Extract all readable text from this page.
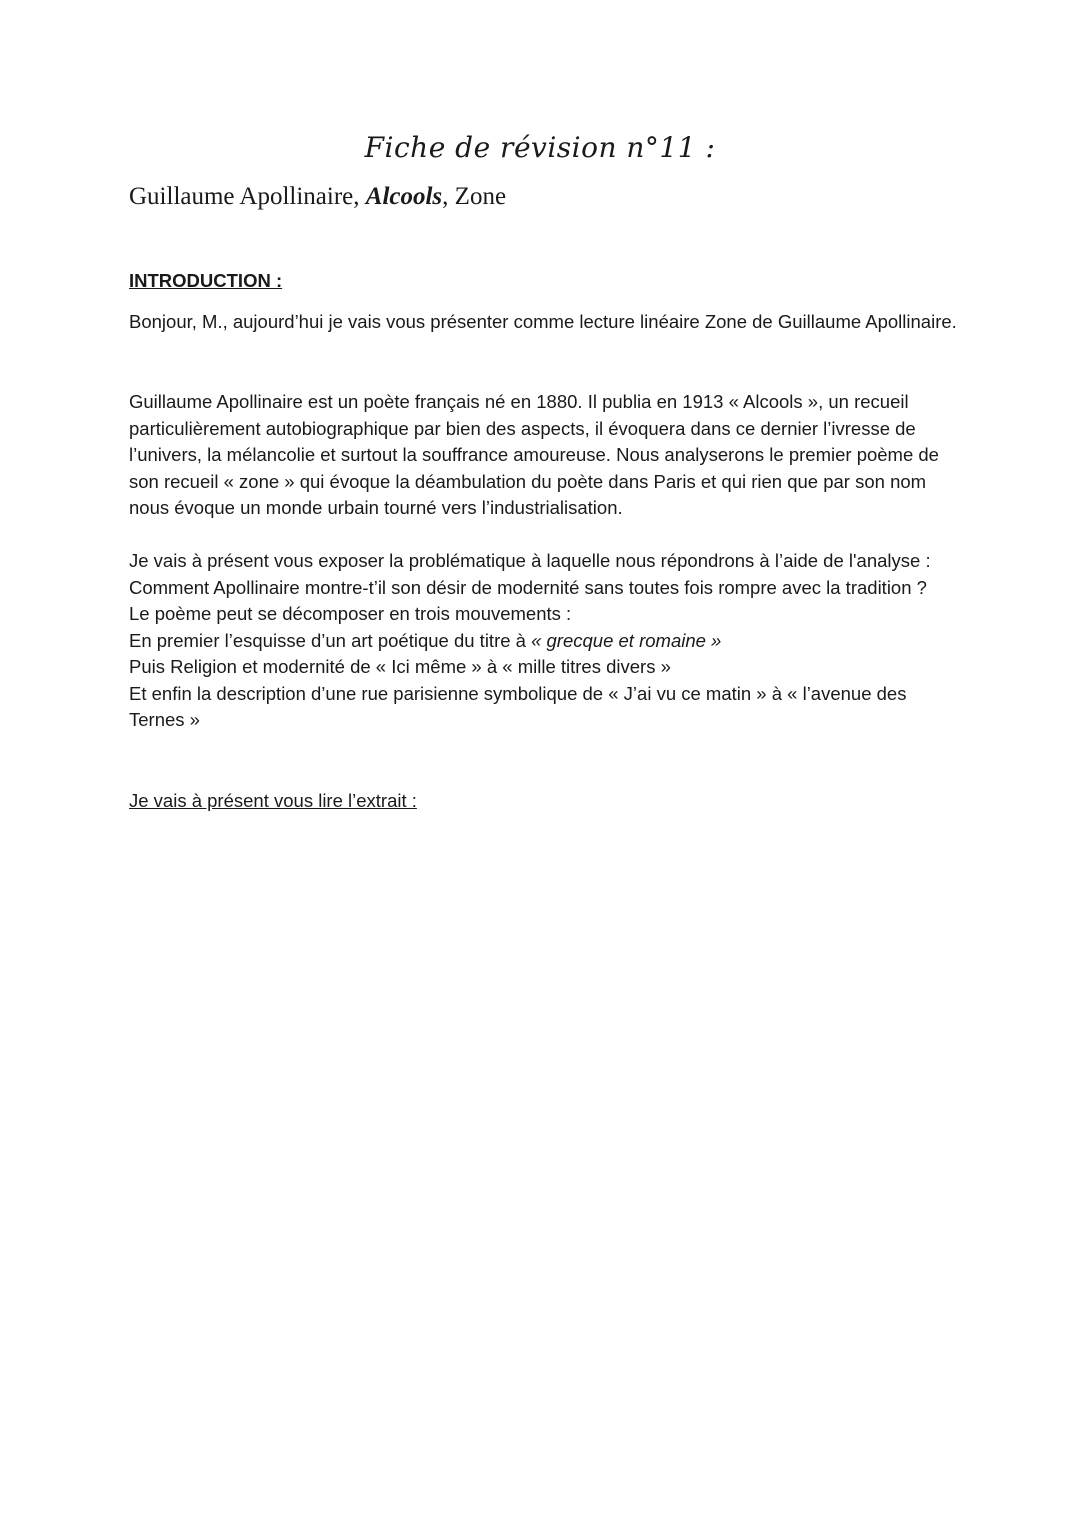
Fiche de révision n°11 :
Guillaume Apollinaire, Alcools, Zone
INTRODUCTION :
Bonjour, M., aujourd’hui je vais vous présenter comme lecture linéaire Zone de Guillaume Apollinaire.
Guillaume Apollinaire est un poète français né en 1880. Il publia en 1913 « Alcools », un recueil particulièrement autobiographique par bien des aspects, il évoquera dans ce dernier l’ivresse de l’univers, la mélancolie et surtout la souffrance amoureuse. Nous analyserons le premier poème de son recueil « zone » qui évoque la déambulation du poète dans Paris et qui rien que par son nom nous évoque un monde urbain tourné vers l’industrialisation.
Je vais à présent vous exposer la problématique à laquelle nous répondrons à l’aide de l'analyse : Comment Apollinaire montre-t’il son désir de modernité sans toutes fois rompre avec la tradition ?
Le poème peut se décomposer en trois mouvements :
En premier l’esquisse d’un art poétique du titre à « grecque et romaine »
Puis Religion et modernité de « Ici même » à « mille titres divers »
Et enfin la description d’une rue parisienne symbolique de « J’ai vu ce matin » à « l’avenue des Ternes »
Je vais à présent vous lire l’extrait :
